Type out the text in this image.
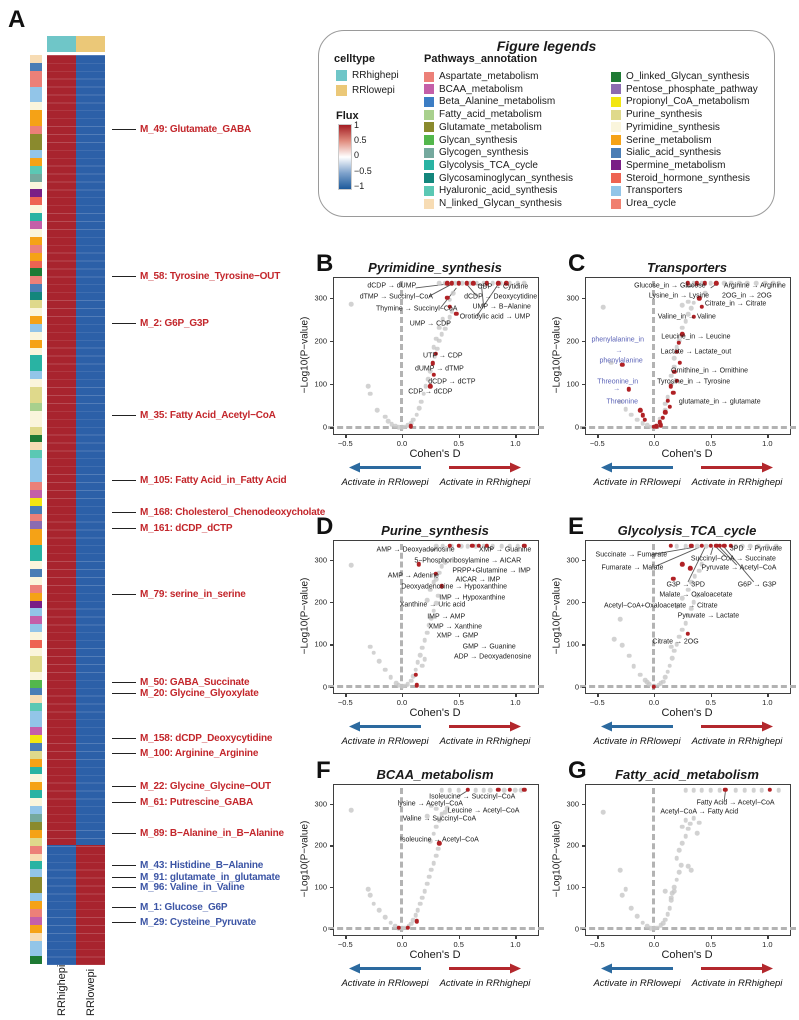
A
M_49: Glutamate_GABA
M_58: Tyrosine_Tyrosine−OUT
M_2: G6P_G3P
M_35: Fatty Acid_Acetyl−CoA
M_105: Fatty Acid_in_Fatty Acid
M_168: Cholesterol_Chenodeoxycholate
M_161: dCDP_dCTP
M_79: serine_in_serine
M_50: GABA_Succinate
M_20: Glycine_Glyoxylate
M_158: dCDP_Deoxycytidine
M_100: Arginine_Arginine
M_22: Glycine_Glycine−OUT
M_61: Putrescine_GABA
M_89: B−Alanine_in_B−Alanine
M_43: Histidine_B−Alanine
M_91: glutamate_in_glutamate
M_96: Valine_in_Valine
M_1: Glucose_G6P
M_29: Cysteine_Pyruvate
RRhighepi RRlowepi
Figure legends
celltype
RRhighepi
RRlowepi
Flux
1
0.5
0
−0.5
−1
Pathways_annotation
Aspartate_metabolism
BCAA_metabolism
Beta_Alanine_metabolism
Fatty_acid_metabolism
Glutamate_metabolism
Glycan_synthesis
Glycogen_synthesis
Glycolysis_TCA_cycle
Glycosaminoglycan_synthesis
Hyaluronic_acid_synthesis
N_linked_Glycan_synthesis
O_linked_Glycan_synthesis
Pentose_phosphate_pathway
Propionyl_CoA_metabolism
Purine_synthesis
Pyrimidine_synthesis
Serine_metabolism
Sialic_acid_synthesis
Spermine_metabolism
Steroid_hormone_synthesis
Transporters
Urea_cycle
B	Pyrimidine_synthesis
−Log10(P−value)
dCDP → dUMP
dTMP → Succinyl−CoA
Thymine → Succinyl−CoA
UMP → CDP
CDP → Cytidine
dCDP → Deoxycytidine
UMP → B−Alanine
Orotidylic acid → UMP
UTP → CDP
dUMP → dTMP
dCDP → dCTP
CDP → dCDP
−0.5	0.0	0.5	1.0
0
100
200
300
Cohen's D
Activate in RRlowepi Activate in RRhighepi
C	Transporters
−Log10(P−value)
Glucose_in → Glucose	Arginine → Arginine
Lysine_in → Lysine 2OG_in → 2OG
Citrate_in → Citrate
Valine_in → Valine
Leucine_in → Leucine
Lactate → Lactate_out
Ornithine_in → Ornithine
Tyrosine_in → Tyrosine
glutamate_in → glutamate
phenylalanine_in
→
phenylalanine
Threonine_in
→
Threonine
−0.5	0.0	0.5	1.0
0
100
200
300
Cohen's D
Activate in RRlowepi Activate in RRhighepi
D	Purine_synthesis
−Log10(P−value)
AMP → Deoxyadenosine	XMP → Guanine
5−Phosphoribosylamine → AICAR
PRPP+Glutamine → IMP
AMP → Adenine
AICAR → IMP
Deoxyadenosine → Hypoxanthine
IMP → Hypoxanthine
Xanthine → Uric acid
IMP → AMP
XMP → Xanthine
XMP → GMP
GMP → Guanine
ADP → Deoxyadenosine
−0.5	0.0	0.5	1.0
0
100
200
300
Cohen's D
Activate in RRlowepi Activate in RRhighepi
E	Glycolysis_TCA_cycle
−Log10(P−value)
Succinate → Fumarate
Fumarate → Malate
3PD → Pyruvate
Succinyl−CoA → Succinate
Pyruvate → Acetyl−CoA
G3P → 3PD	G6P → G3P
Malate → Oxaloacetate
Acetyl−CoA+Oxaloacetate → Citrate
Pyruvate → Lactate
Citrate → 2OG
−0.5	0.0	0.5	1.0
0
100
200
300
Cohen's D
Activate in RRlowepi Activate in RRhighepi
F	BCAA_metabolism
−Log10(P−value)
Isoleucine → Succinyl−CoA
lysine → Acetyl−CoA
Leucine → Acetyl−CoA
Valine → Succinyl−CoA
Isoleucine → Acetyl−CoA
−0.5	0.0	0.5	1.0
0
100
200
300
Cohen's D
Activate in RRlowepi Activate in RRhighepi
G	Fatty_acid_metabolism
−Log10(P−value)
Fatty Acid → Acetyl−CoA
Acetyl−CoA → Fatty Acid
−0.5	0.0	0.5	1.0
0
100
200
300
Cohen's D
Activate in RRlowepi Activate in RRhighepi
